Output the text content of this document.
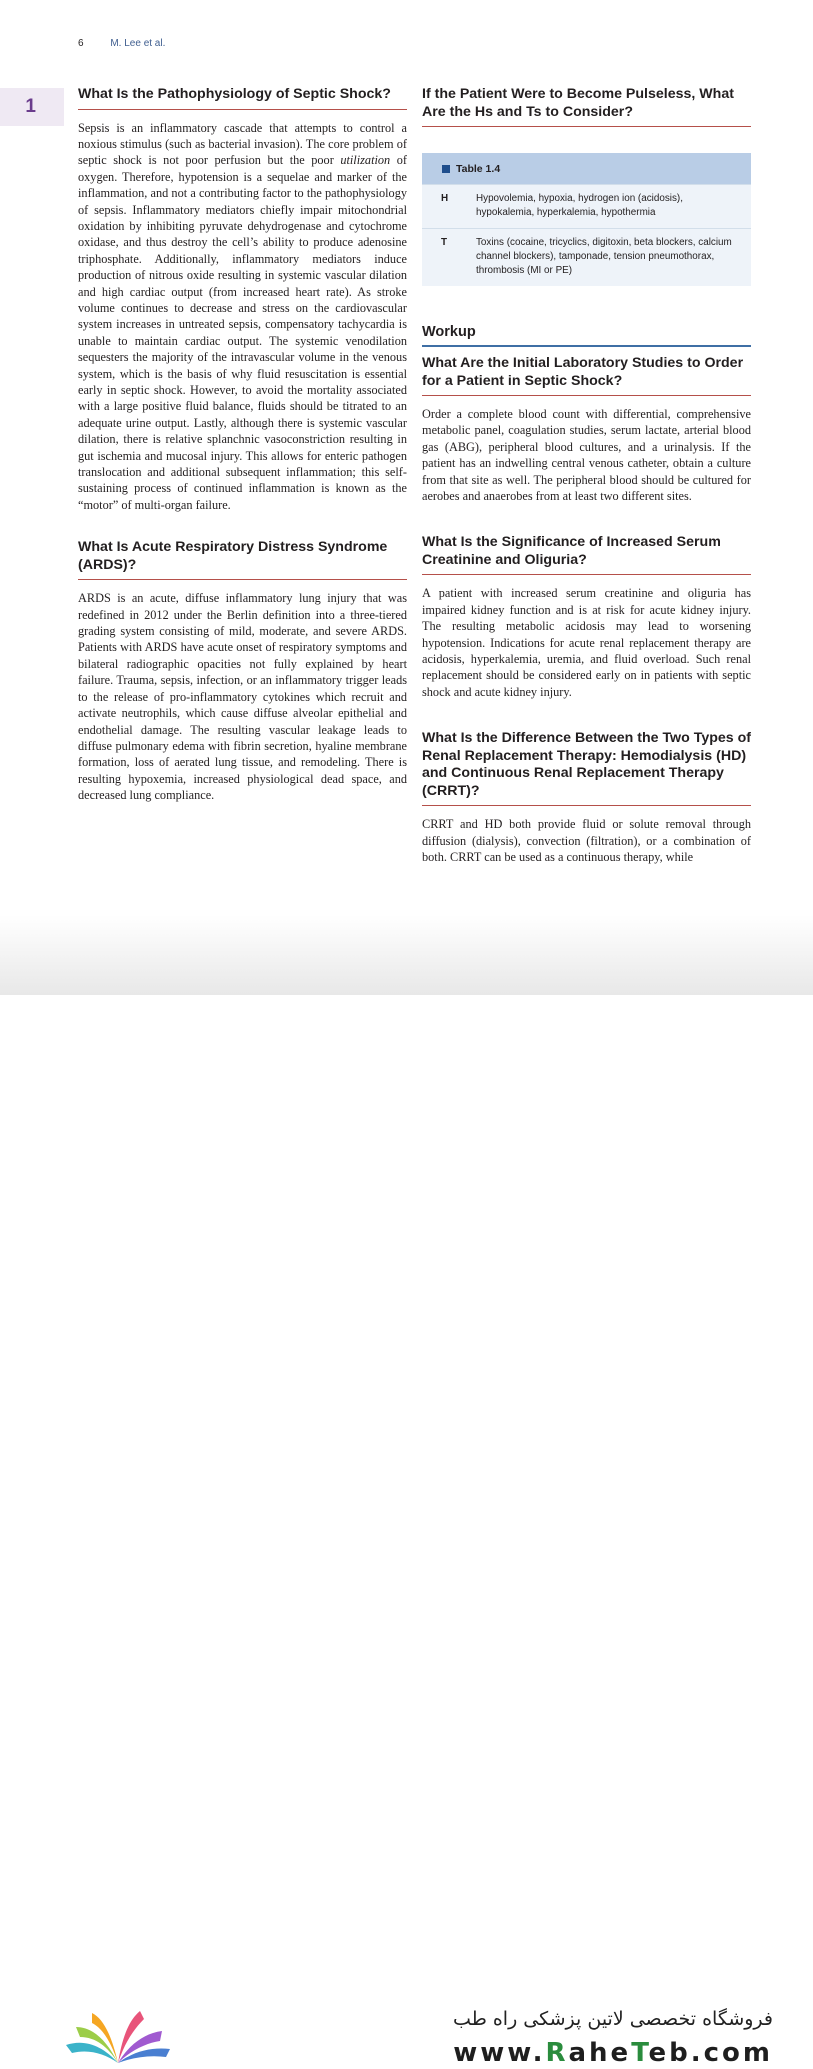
6	M. Lee et al.
1
What Is the Pathophysiology of Septic Shock?

Sepsis is an inflammatory cascade that attempts to control a noxious stimulus (such as bacterial invasion). The core problem of septic shock is not poor perfusion but the poor utilization of oxygen. Therefore, hypotension is a sequelae and marker of the inflammation, and not a contributing factor to the pathophysiology of sepsis. Inflammatory mediators chiefly impair mitochondrial oxidation by inhibiting pyruvate dehydrogenase and cytochrome oxidase, and thus destroy the cell’s ability to produce adenosine triphosphate. Additionally, inflammatory mediators induce production of nitrous oxide resulting in systemic vascular dilation and high cardiac output (from increased heart rate). As stroke volume continues to decrease and stress on the cardiovascular system increases in untreated sepsis, compensatory tachycardia is unable to maintain cardiac output. The systemic venodilation sequesters the majority of the intravascular volume in the venous system, which is the basis of why fluid resuscitation is essential early in septic shock. However, to avoid the mortality associated with a large positive fluid balance, fluids should be titrated to an adequate urine output. Lastly, although there is systemic vascular dilation, there is relative splanchnic vasoconstriction resulting in gut ischemia and mucosal injury. This allows for enteric pathogen translocation and additional subsequent inflammation; this self-sustaining process of continued inflammation is known as the “motor” of multi-organ failure.

What Is Acute Respiratory Distress Syndrome (ARDS)?

ARDS is an acute, diffuse inflammatory lung injury that was redefined in 2012 under the Berlin definition into a three-tiered grading system consisting of mild, moderate, and severe ARDS. Patients with ARDS have acute onset of respiratory symptoms and bilateral radiographic opacities not fully explained by heart failure. Trauma, sepsis, infection, or an inflammatory trigger leads to the release of pro-inflammatory cytokines which recruit and activate neutrophils, which cause diffuse alveolar epithelial and endothelial damage. The resulting vascular leakage leads to diffuse pulmonary edema with fibrin secretion, hyaline membrane formation, loss of aerated lung tissue, and remodeling. There is resulting hypoxemia, increased physiological dead space, and decreased lung compliance.

If the Patient Were to Become Pulseless, What Are the Hs and Ts to Consider?
Table 1.4
H	Hypovolemia, hypoxia, hydrogen ion (acidosis), hypokalemia, hyperkalemia, hypothermia
T	Toxins (cocaine, tricyclics, digitoxin, beta blockers, calcium channel blockers), tamponade, tension pneumothorax, thrombosis (MI or PE)
Workup
What Are the Initial Laboratory Studies to Order for a Patient in Septic Shock?

Order a complete blood count with differential, comprehensive metabolic panel, coagulation studies, serum lactate, arterial blood gas (ABG), peripheral blood cultures, and a urinalysis. If the patient has an indwelling central venous catheter, obtain a culture from that site as well. The peripheral blood should be cultured for aerobes and anaerobes from at least two different sites.

What Is the Significance of Increased Serum Creatinine and Oliguria?

A patient with increased serum creatinine and oliguria has impaired kidney function and is at risk for acute kidney injury. The resulting metabolic acidosis may lead to worsening hypotension. Indications for acute renal replacement therapy are acidosis, hyperkalemia, uremia, and fluid overload. Such renal replacement should be considered early on in patients with septic shock and acute kidney injury.

What Is the Difference Between the Two Types of Renal Replacement Therapy: Hemodialysis (HD) and Continuous Renal Replacement Therapy (CRRT)?

CRRT and HD both provide fluid or solute removal through diffusion (dialysis), convection (filtration), or a combination of both. CRRT can be used as a continuous therapy, while

فروشگاه تخصصی لاتین پزشکی راه طب
www.RaheTeb.com
